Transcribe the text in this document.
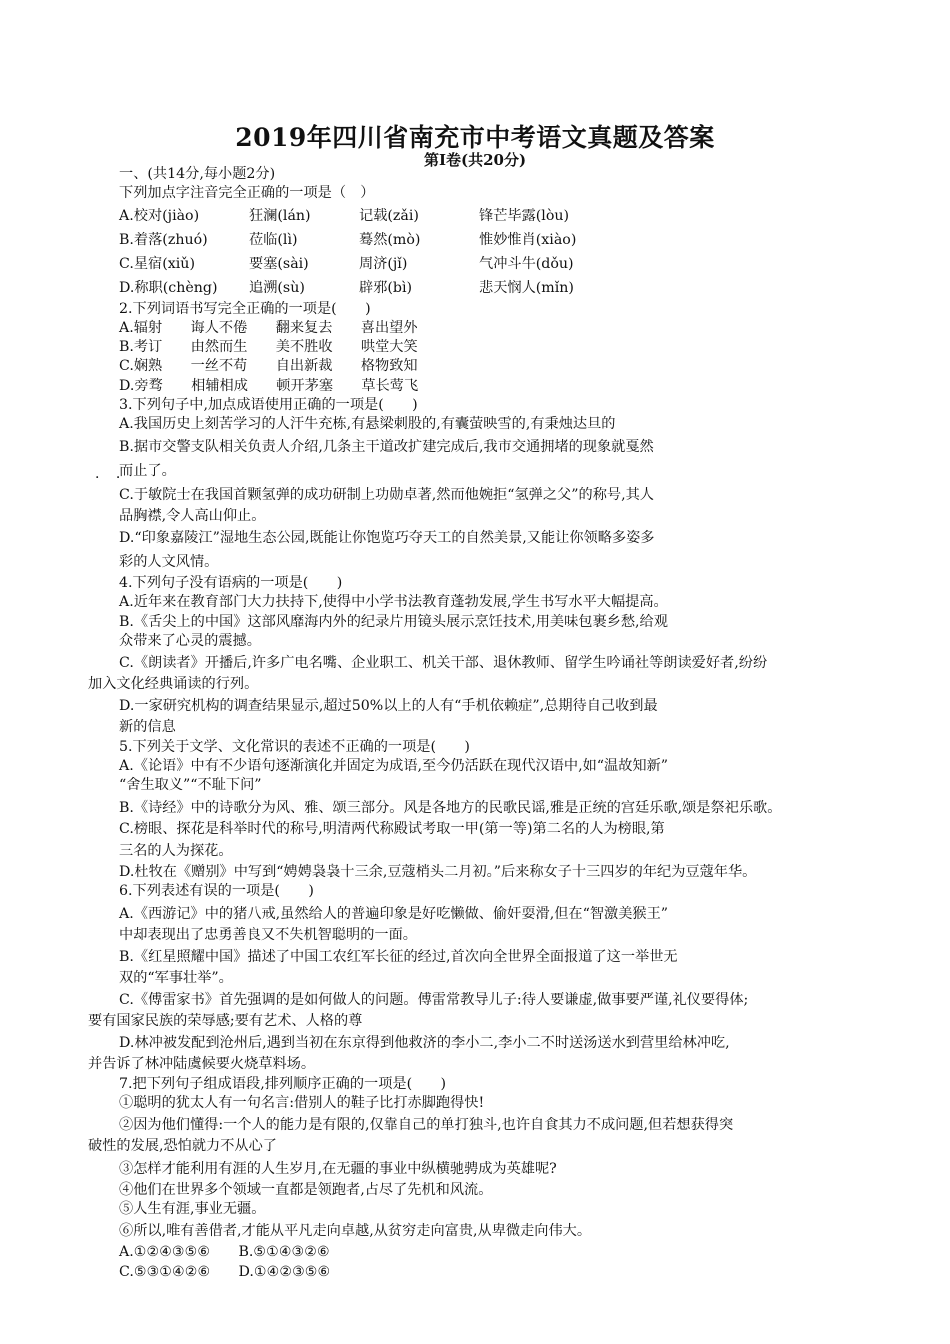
2019年四川省南充市中考语文真题及答案
第Ⅰ卷(共20分)
· ·
一、(共14分,每小题2分)
下列加点字注音完全正确的一项是（　）
A.校对(jiào)	狂澜(lán)	记载(zǎi)	锋芒毕露(lòu)
B.着落(zhuó)	莅临(lì)	蓦然(mò)	惟妙惟肖(xiào)
C.星宿(xiǔ)	要塞(sài)	周济(jǐ)	气冲斗牛(dǒu)
D.称职(chèng) 追溯(sù)	辟邪(bì)	悲天悯人(mǐn)
2.下列词语书写完全正确的一项是(　　)
A.辐射　　诲人不倦　　翻来复去　　喜出望外
B.考订　　由然而生　　美不胜收　　哄堂大笑
C.娴熟　　一丝不苟　　自出新裁　　格物致知
D.旁骛　　相辅相成　　顿开茅塞　　草长莺飞
3.下列句子中,加点成语使用正确的一项是(　　)
A.我国历史上刻苦学习的人汗牛充栋,有悬梁刺股的,有囊萤映雪的,有秉烛达旦的
B.据市交警支队相关负责人介绍,几条主干道改扩建完成后,我市交通拥堵的现象就戛然
而止了。
C.于敏院士在我国首颗氢弹的成功研制上功勋卓著,然而他婉拒“氢弹之父”的称号,其人
品胸襟,令人高山仰止。
D.“印象嘉陵江”湿地生态公园,既能让你饱览巧夺天工的自然美景,又能让你领略多姿多
彩的人文风情。
4.下列句子没有语病的一项是(　　)
A.近年来在教育部门大力扶持下,使得中小学书法教育蓬勃发展,学生书写水平大幅提高。
B.《舌尖上的中国》这部风靡海内外的纪录片用镜头展示烹饪技术,用美味包裹乡愁,给观
众带来了心灵的震撼。
C.《朗读者》开播后,许多广电名嘴、企业职工、机关干部、退休教师、留学生吟诵社等朗读爱好者,纷纷
加入文化经典诵读的行列。
D.一家研究机构的调查结果显示,超过50%以上的人有“手机依赖症”,总期待自己收到最
新的信息
5.下列关于文学、文化常识的表述不正确的一项是(　　)
A.《论语》中有不少语句逐渐演化并固定为成语,至今仍活跃在现代汉语中,如“温故知新”
“舍生取义”“不耻下问”
B.《诗经》中的诗歌分为风、雅、颂三部分。风是各地方的民歌民谣,雅是正统的宫廷乐歌,颂是祭祀乐歌。
C.榜眼、探花是科举时代的称号,明清两代称殿试考取一甲(第一等)第二名的人为榜眼,第
三名的人为探花。
D.杜牧在《赠别》中写到“娉娉袅袅十三余,豆蔻梢头二月初。”后来称女子十三四岁的年纪为豆蔻年华。
6.下列表述有误的一项是(　　)
A.《西游记》中的猪八戒,虽然给人的普遍印象是好吃懒做、偷奸耍滑,但在“智激美猴王”
中却表现出了忠勇善良又不失机智聪明的一面。
B.《红星照耀中国》描述了中国工农红军长征的经过,首次向全世界全面报道了这一举世无
双的“军事壮举”。
C.《傅雷家书》首先强调的是如何做人的问题。傅雷常教导儿子:待人要谦虚,做事要严谨,礼仪要得体;
要有国家民族的荣辱感;要有艺术、人格的尊
D.林冲被发配到沧州后,遇到当初在东京得到他救济的李小二,李小二不时送汤送水到营里给林冲吃,
并告诉了林冲陆虞候要火烧草料场。
7.把下列句子组成语段,排列顺序正确的一项是(　　)
①聪明的犹太人有一句名言:借别人的鞋子比打赤脚跑得快!
②因为他们懂得:一个人的能力是有限的,仅靠自己的单打独斗,也许自食其力不成问题,但若想获得突
破性的发展,恐怕就力不从心了
③怎样才能利用有涯的人生岁月,在无疆的事业中纵横驰骋成为英雄呢?
④他们在世界多个领域一直都是领跑者,占尽了先机和风流。
⑤人生有涯,事业无疆。
⑥所以,唯有善借者,才能从平凡走向卓越,从贫穷走向富贵,从卑微走向伟大。
A.①②④③⑤⑥　　B.⑤①④③②⑥
C.⑤③①④②⑥　　D.①④②③⑤⑥
